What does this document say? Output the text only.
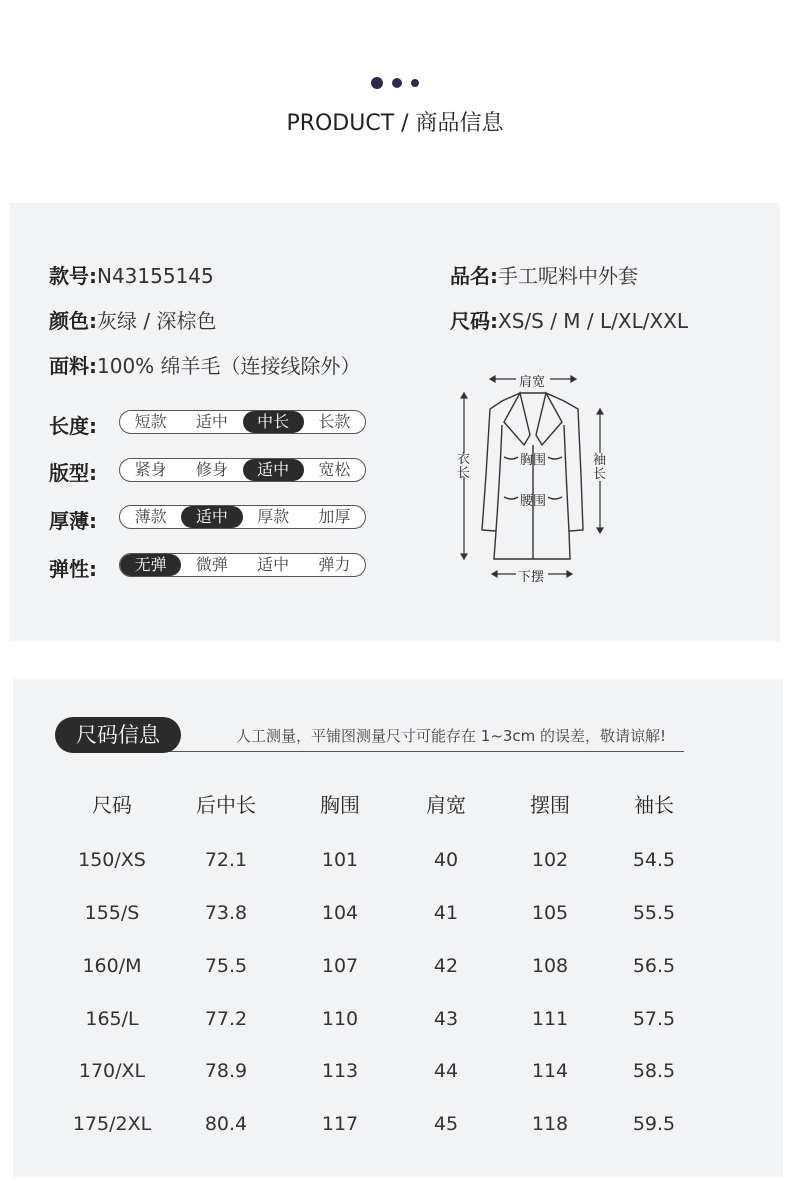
PRODUCT / 商品信息
款号:N43155145	品名:手工呢料中外套
颜色:灰绿 / 深棕色	尺码:XS/S / M / L/XL/XXL
面料:100% 绵羊毛（连接线除外）
长度:	短款	适中	中长	长款
版型:	紧身	修身	适中	宽松
厚薄:	薄款	适中	厚款	加厚
弹性:	无弹	微弹	适中	弹力
肩宽
胸围
腰围
下摆
衣长
袖长
尺码信息	人工测量，平铺图测量尺寸可能存在 1~3cm 的误差，敬请谅解!
尺码	后中长	胸围	肩宽	摆围	袖长
150/XS	72.1	101	40	102	54.5
155/S	73.8	104	41	105	55.5
160/M	75.5	107	42	108	56.5
165/L	77.2	110	43	111	57.5
170/XL	78.9	113	44	114	58.5
175/2XL	80.4	117	45	118	59.5
